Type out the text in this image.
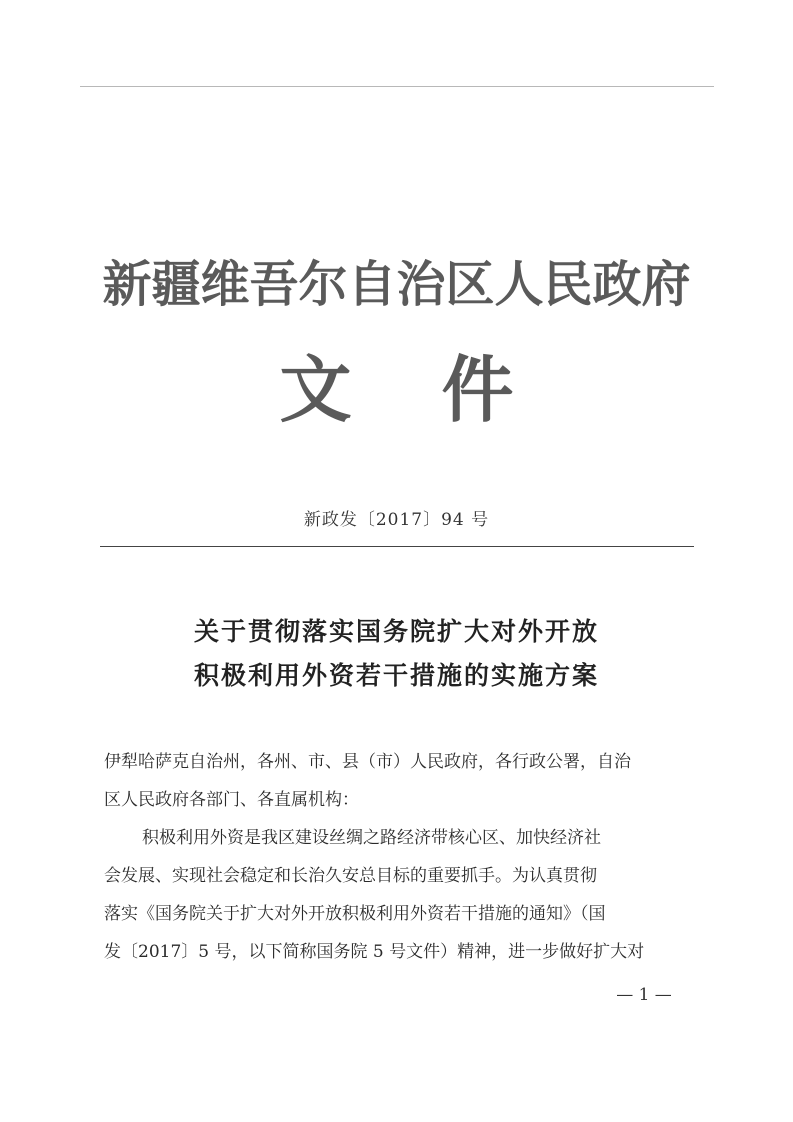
新疆维吾尔自治区人民政府
文件
新政发〔2017〕94 号
关于贯彻落实国务院扩大对外开放
积极利用外资若干措施的实施方案
伊犁哈萨克自治州，各州、市、县（市）人民政府，各行政公署，自治
区人民政府各部门、各直属机构：
积极利用外资是我区建设丝绸之路经济带核心区、加快经济社
会发展、实现社会稳定和长治久安总目标的重要抓手。为认真贯彻
落实《国务院关于扩大对外开放积极利用外资若干措施的通知》（国
发〔2017〕5 号，以下简称国务院 5 号文件）精神，进一步做好扩大对
— 1 —
